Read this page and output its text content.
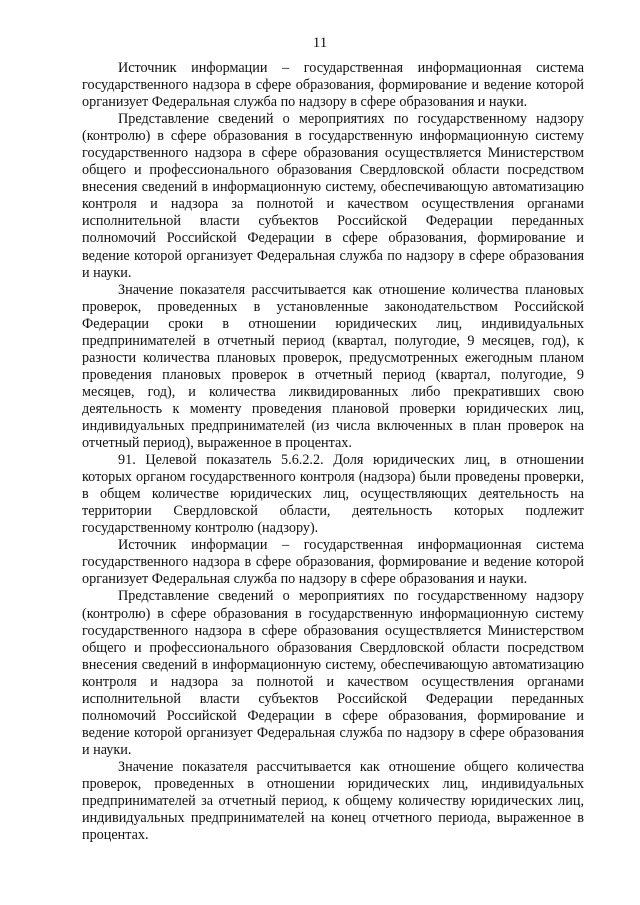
11

Источник информации – государственная информационная система государственного надзора в сфере образования, формирование и ведение которой организует Федеральная служба по надзору в сфере образования и науки.

Представление сведений о мероприятиях по государственному надзору (контролю) в сфере образования в государственную информационную систему государственного надзора в сфере образования осуществляется Министерством общего и профессионального образования Свердловской области посредством внесения сведений в информационную систему, обеспечивающую автоматизацию контроля и надзора за полнотой и качеством осуществления органами исполнительной власти субъектов Российской Федерации переданных полномочий Российской Федерации в сфере образования, формирование и ведение которой организует Федеральная служба по надзору в сфере образования и науки.

Значение показателя рассчитывается как отношение количества плановых проверок, проведенных в установленные законодательством Российской Федерации сроки в отношении юридических лиц, индивидуальных предпринимателей в отчетный период (квартал, полугодие, 9 месяцев, год), к разности количества плановых проверок, предусмотренных ежегодным планом проведения плановых проверок в отчетный период (квартал, полугодие, 9 месяцев, год), и количества ликвидированных либо прекративших свою деятельность к моменту проведения плановой проверки юридических лиц, индивидуальных предпринимателей (из числа включенных в план проверок на отчетный период), выраженное в процентах.

91. Целевой показатель 5.6.2.2. Доля юридических лиц, в отношении которых органом государственного контроля (надзора) были проведены проверки, в общем количестве юридических лиц, осуществляющих деятельность на территории Свердловской области, деятельность которых подлежит государственному контролю (надзору).

Источник информации – государственная информационная система государственного надзора в сфере образования, формирование и ведение которой организует Федеральная служба по надзору в сфере образования и науки.

Представление сведений о мероприятиях по государственному надзору (контролю) в сфере образования в государственную информационную систему государственного надзора в сфере образования осуществляется Министерством общего и профессионального образования Свердловской области посредством внесения сведений в информационную систему, обеспечивающую автоматизацию контроля и надзора за полнотой и качеством осуществления органами исполнительной власти субъектов Российской Федерации переданных полномочий Российской Федерации в сфере образования, формирование и ведение которой организует Федеральная служба по надзору в сфере образования и науки.

Значение показателя рассчитывается как отношение общего количества проверок, проведенных в отношении юридических лиц, индивидуальных предпринимателей за отчетный период, к общему количеству юридических лиц, индивидуальных предпринимателей на конец отчетного периода, выраженное в процентах.
